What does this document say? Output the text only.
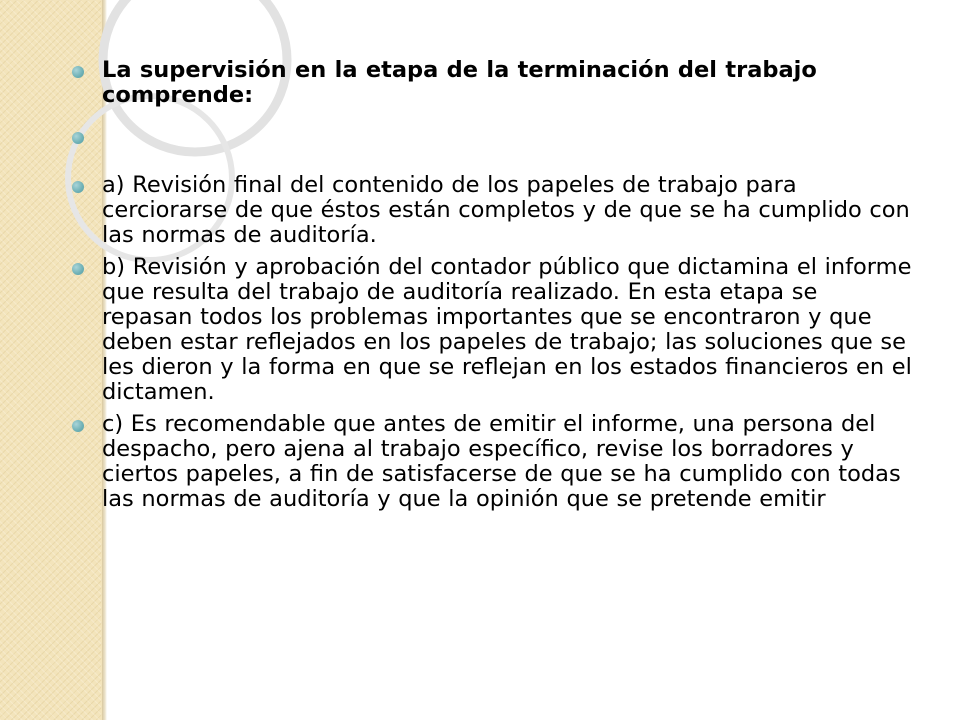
La supervisión en la etapa de la terminación del trabajo comprende:
a) Revisión final del contenido de los papeles de trabajo para cerciorarse de que éstos están completos y de que se ha cumplido con las normas de auditoría.
b) Revisión y aprobación del contador público que dictamina el informe que resulta del trabajo de auditoría realizado. En esta etapa se repasan todos los problemas importantes que se encontraron y que deben estar reflejados en los papeles de trabajo; las soluciones que se les dieron y la forma en que se reflejan en los estados financieros en el dictamen.
c) Es recomendable que antes de emitir el informe, una persona del despacho, pero ajena al trabajo específico, revise los borradores y ciertos papeles, a fin de satisfacerse de que se ha cumplido con todas las normas de auditoría y que la opinión que se pretende emitir
